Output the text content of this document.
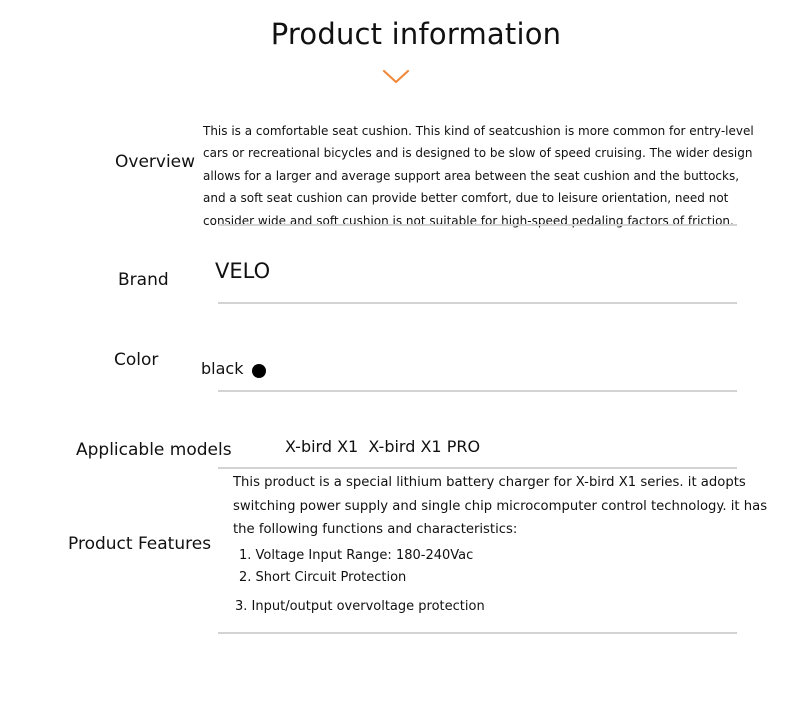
Product information
Overview
This is a comfortable seat cushion. This kind of seatcushion is more common for entry-level cars or recreational bicycles and is designed to be slow of speed cruising. The wider design allows for a larger and average support area between the seat cushion and the buttocks, and a soft seat cushion can provide better comfort, due to leisure orientation, need not consider wide and soft cushion is not suitable for high-speed pedaling factors of friction.
Brand VELO
Color	black
Applicable models	X-bird X1  X-bird X1 PRO
Product Features
This product is a special lithium battery charger for X-bird X1 series. it adopts switching power supply and single chip microcomputer control technology. it has the following functions and characteristics:
1. Voltage Input Range: 180-240Vac
2. Short Circuit Protection
3. Input/output overvoltage protection
